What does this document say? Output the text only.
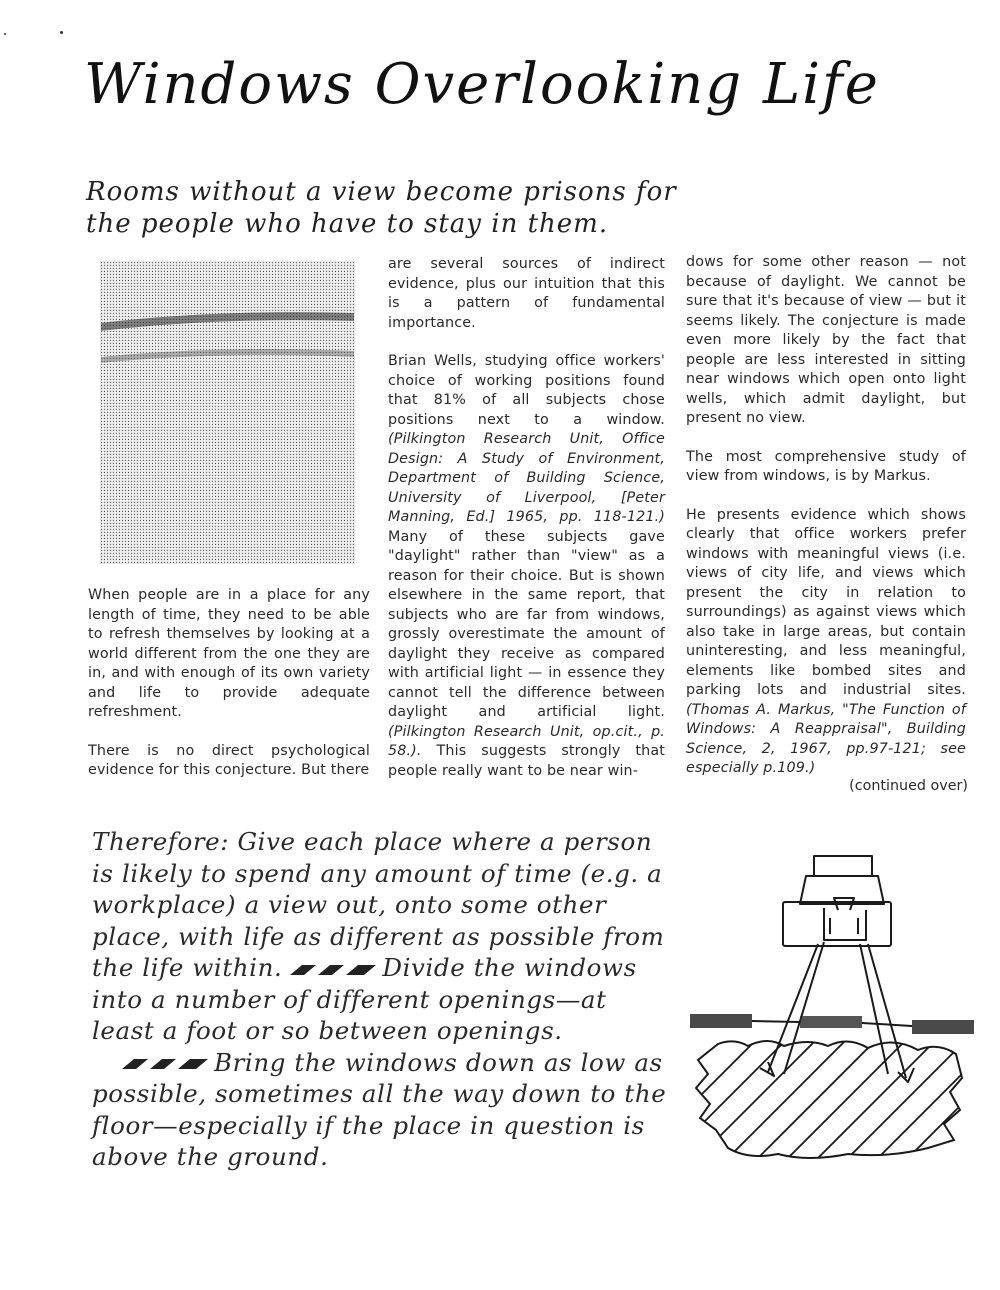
Windows Overlooking Life
Rooms without a view become prisons for the people who have to stay in them.

When people are in a place for any length of time, they need to be able to refresh themselves by looking at a world different from the one they are in, and with enough of its own variety and life to provide adequate refreshment.

There is no direct psychological evidence for this conjecture. But there

are several sources of indirect evidence, plus our intuition that this is a pattern of fundamental importance.

Brian Wells, studying office workers' choice of working positions found that 81% of all subjects chose positions next to a window. (Pilkington Research Unit, Office Design: A Study of Environment, Department of Building Science, University of Liverpool, [Peter Manning, Ed.] 1965, pp. 118-121.) Many of these subjects gave "daylight" rather than "view" as a reason for their choice. But is shown elsewhere in the same report, that subjects who are far from windows, grossly overestimate the amount of daylight they receive as compared with artificial light — in essence they cannot tell the difference between daylight and artificial light. (Pilkington Research Unit, op.cit., p. 58.). This suggests strongly that people really want to be near win-

dows for some other reason — not because of daylight. We cannot be sure that it's because of view — but it seems likely. The conjecture is made even more likely by the fact that people are less interested in sitting near windows which open onto light wells, which admit daylight, but present no view.

The most comprehensive study of view from windows, is by Markus.

He presents evidence which shows clearly that office workers prefer windows with meaningful views (i.e. views of city life, and views which present the city in relation to surroundings) as against views which also take in large areas, but contain uninteresting, and less meaningful, elements like bombed sites and parking lots and industrial sites. (Thomas A. Markus, "The Function of Windows: A Reappraisal", Building Science, 2, 1967, pp.97-121; see especially p.109.)

(continued over)

Therefore: Give each place where a person is likely to spend any amount of time (e.g. a workplace) a view out, onto some other place, with life as different as possible from the life within.	Divide the windows into a number of different openings—at least a foot or so between openings.

Bring the windows down as low as possible, sometimes all the way down to the floor—especially if the place in question is above the ground.
